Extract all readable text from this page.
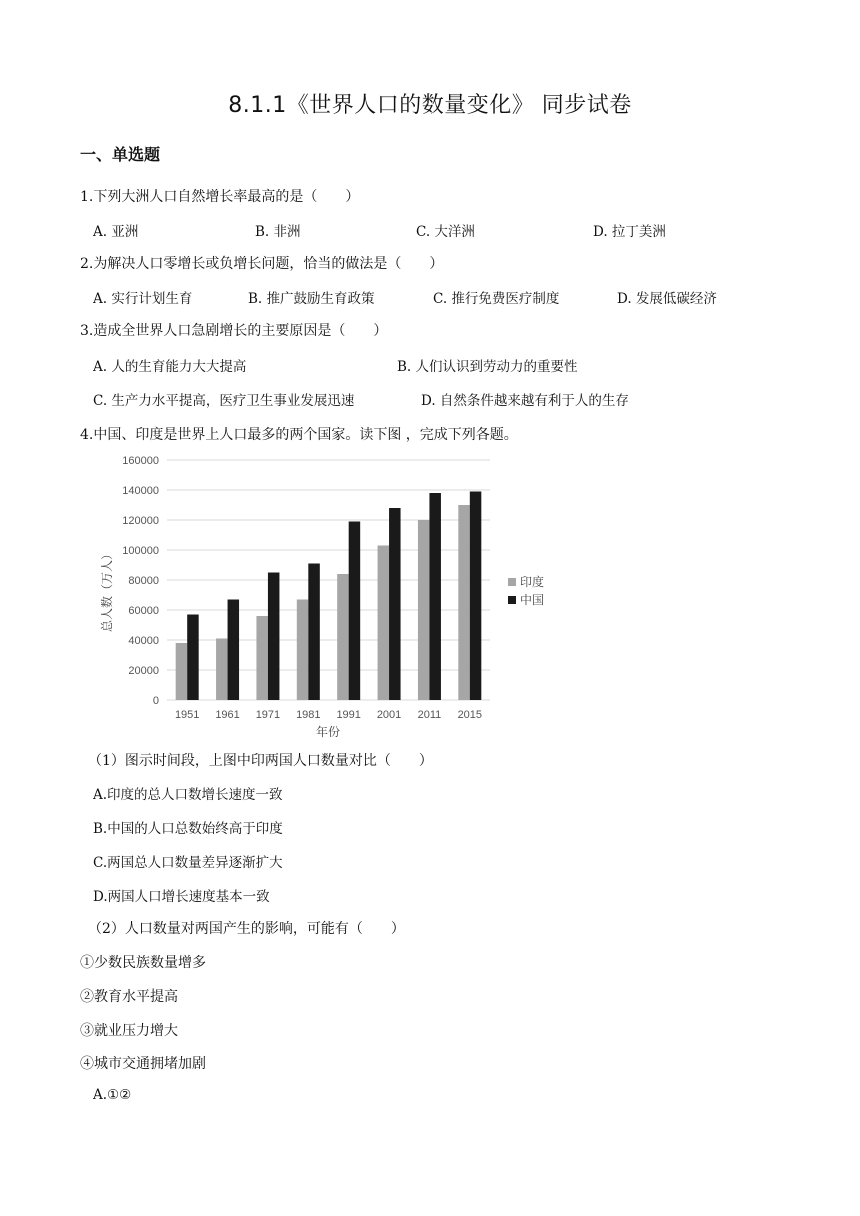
8.1.1《世界人口的数量变化》 同步试卷
一、单选题
1.下列大洲人口自然增长率最高的是（　　）
A. 亚洲	B. 非洲	C. 大洋洲	D. 拉丁美洲
2.为解决人口零增长或负增长问题，恰当的做法是（　　）
A. 实行计划生育	B. 推广鼓励生育政策	C. 推行免费医疗制度	D. 发展低碳经济
3.造成全世界人口急剧增长的主要原因是（　　）
A. 人的生育能力大大提高	B. 人们认识到劳动力的重要性
C. 生产力水平提高，医疗卫生事业发展迅速	D. 自然条件越来越有利于人的生存
4.中国、印度是世界上人口最多的两个国家。读下图 ，完成下列各题。
0
20000
40000
60000
80000
100000
120000
140000
160000
1951 1961 1971 1981 1991 2001 2011 2015
总人数（万人）
年份
印度
中国
（1）图示时间段，上图中印两国人口数量对比（　　）
A.印度的总人口数增长速度一致
B.中国的人口总数始终高于印度
C.两国总人口数量差异逐渐扩大
D.两国人口增长速度基本一致
（2）人口数量对两国产生的影响，可能有（　　）
①少数民族数量增多
②教育水平提高
③就业压力增大
④城市交通拥堵加剧
A.①②
